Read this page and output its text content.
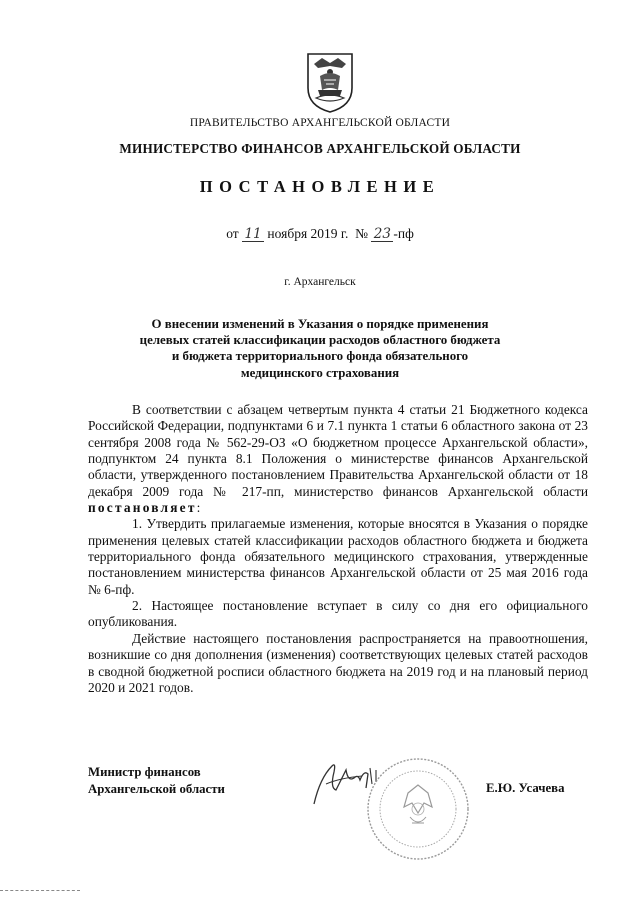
ПРАВИТЕЛЬСТВО АРХАНГЕЛЬСКОЙ ОБЛАСТИ
МИНИСТЕРСТВО ФИНАНСОВ АРХАНГЕЛЬСКОЙ ОБЛАСТИ
ПОСТАНОВЛЕНИЕ
от 11 ноября 2019 г. № 23 -пф
г. Архангельск
О внесении изменений в Указания о порядке применения
целевых статей классификации расходов областного бюджета
и бюджета территориального фонда обязательного
медицинского страхования

В соответствии с абзацем четвертым пункта 4 статьи 21 Бюджетного кодекса Российской Федерации, подпунктами 6 и 7.1 пункта 1 статьи 6 областного закона от 23 сентября 2008 года № 562-29-ОЗ «О бюджетном процессе Архангельской области», подпунктом 24 пункта 8.1 Положения о министерстве финансов Архангельской области, утвержденного постановлением Правительства Архангельской области от 18 декабря 2009 года № 217-пп, министерство финансов Архангельской области постановляет:

1. Утвердить прилагаемые изменения, которые вносятся в Указания о порядке применения целевых статей классификации расходов областного бюджета и бюджета территориального фонда обязательного медицинского страхования, утвержденные постановлением министерства финансов Архангельской области от 25 мая 2016 года № 6-пф.

2. Настоящее постановление вступает в силу со дня его официального опубликования.

Действие настоящего постановления распространяется на правоотношения, возникшие со дня дополнения (изменения) соответствующих целевых статей расходов в сводной бюджетной росписи областного бюджета на 2019 год и на плановый период 2020 и 2021 годов.

Министр финансов
Архангельской области	Е.Ю. Усачева
